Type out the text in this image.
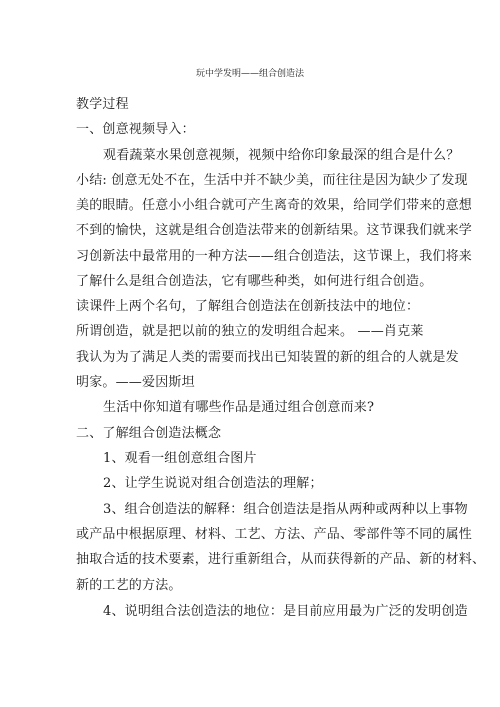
玩中学发明——组合创造法
教学过程
一、创意视频导入：
观看蔬菜水果创意视频，视频中给你印象最深的组合是什么？
小结: 创意无处不在，生活中并不缺少美，而往往是因为缺少了发现
美的眼睛。任意小小组合就可产生离奇的效果，给同学们带来的意想
不到的愉快，这就是组合创造法带来的创新结果。这节课我们就来学
习创新法中最常用的一种方法——组合创造法，这节课上，我们将来
了解什么是组合创造法，它有哪些种类，如何进行组合创造。
读课件上两个名句，了解组合创造法在创新技法中的地位：
所谓创造，就是把以前的独立的发明组合起来。 ——肖克莱
我认为为了满足人类的需要而找出已知装置的新的组合的人就是发
明家。——爱因斯坦
生活中你知道有哪些作品是通过组合创意而来?
二、了解组合创造法概念
1、观看一组创意组合图片
2、让学生说说对组合创造法的理解；
3、组合创造法的解释：组合创造法是指从两种或两种以上事物
或产品中根据原理、材料、工艺、方法、产品、零部件等不同的属性
抽取合适的技术要素，进行重新组合，从而获得新的产品、新的材料、
新的工艺的方法。
4、说明组合法创造法的地位：是目前应用最为广泛的发明创造
